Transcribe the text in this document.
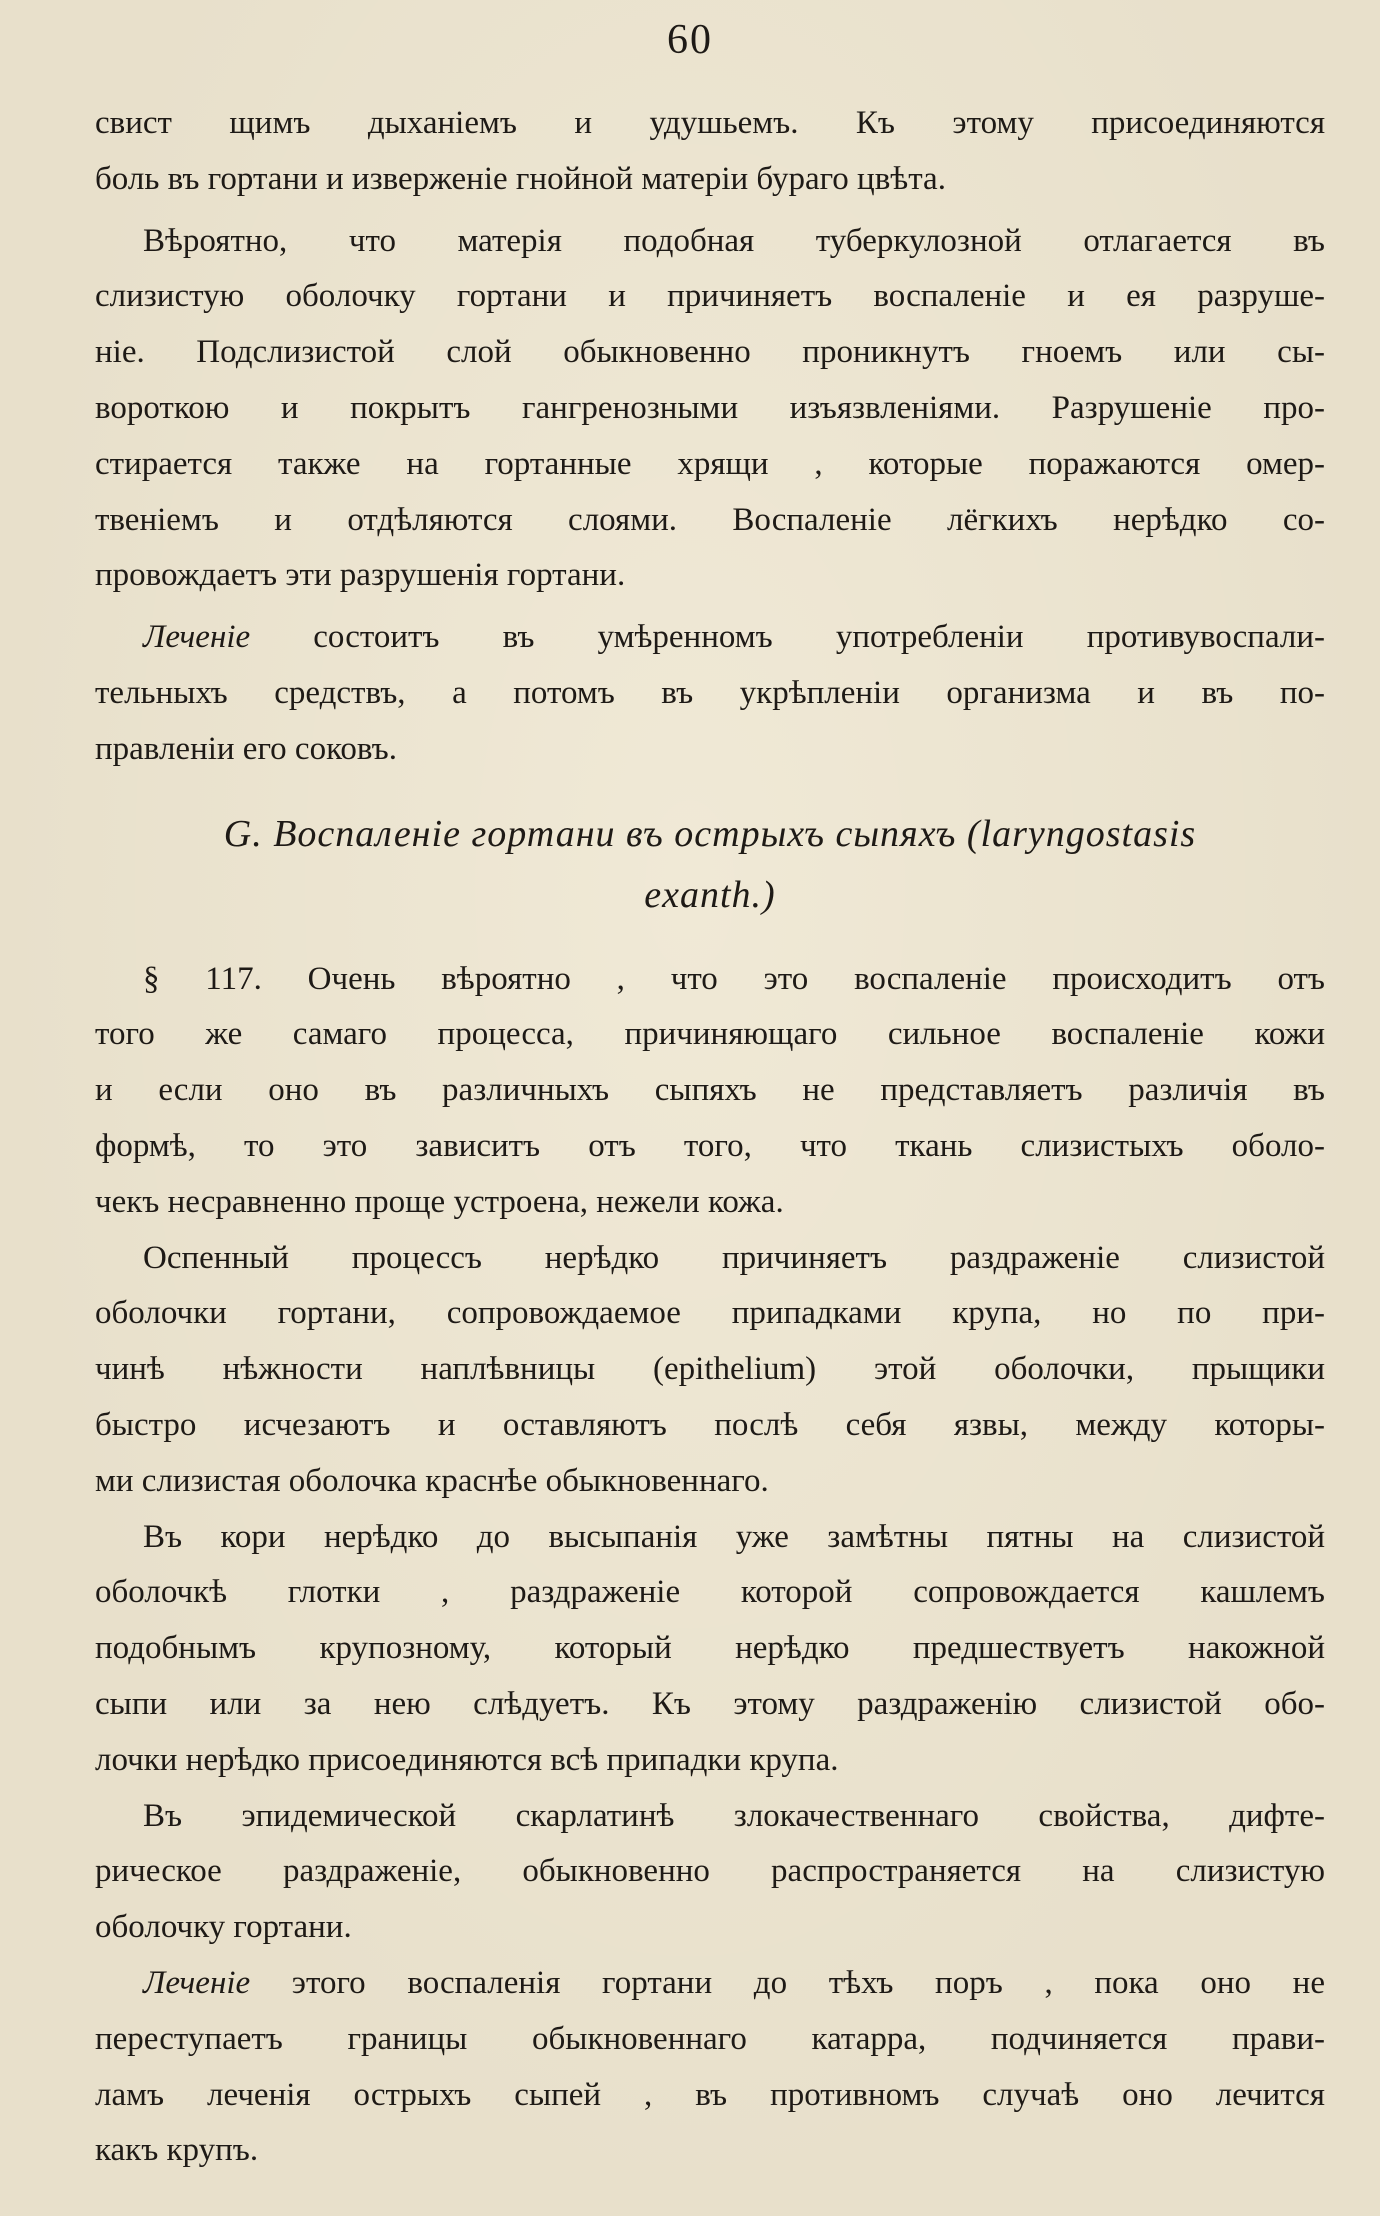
60
свист щимъ дыханіемъ и удушьемъ. Къ этому присоединяются
боль въ гортани и изверженіе гнойной матеріи бураго цвѣта.
Вѣроятно, что матерія подобная туберкулозной отлагается въ
слизистую оболочку гортани и причиняетъ воспаленіе и ея разруше-
ніе. Подслизистой слой обыкновенно проникнутъ гноемъ или сы-
вороткою и покрытъ гангренозными изъязвленіями. Разрушеніе про-
стирается также на гортанные хрящи , которые поражаются омер-
твеніемъ и отдѣляются слоями. Воспаленіе лёгкихъ нерѣдко со-
провождаетъ эти разрушенія гортани.
Леченіе состоитъ въ умѣренномъ употребленіи противувоспали-
тельныхъ средствъ, а потомъ въ укрѣпленіи организма и въ по-
правленіи его соковъ.
G. Воспаленіе гортани въ острыхъ сыпяхъ (laryngostasis
exanth.)
§ 117. Очень вѣроятно , что это воспаленіе происходитъ отъ
того же самаго процесса, причиняющаго сильное воспаленіе кожи
и если оно въ различныхъ сыпяхъ не представляетъ различія въ
формѣ, то это зависитъ отъ того, что ткань слизистыхъ оболо-
чекъ несравненно проще устроена, нежели кожа.
Оспенный процессъ нерѣдко причиняетъ раздраженіе слизистой
оболочки гортани, сопровождаемое припадками крупа, но по при-
чинѣ нѣжности наплѣвницы (epithelium) этой оболочки, прыщики
быстро исчезаютъ и оставляютъ послѣ себя язвы, между которы-
ми слизистая оболочка краснѣе обыкновеннаго.
Въ кори нерѣдко до высыпанія уже замѣтны пятны на слизистой
оболочкѣ глотки , раздраженіе которой сопровождается кашлемъ
подобнымъ крупозному, который нерѣдко предшествуетъ накожной
сыпи или за нею слѣдуетъ. Къ этому раздраженію слизистой обо-
лочки нерѣдко присоединяются всѣ припадки крупа.
Въ эпидемической скарлатинѣ злокачественнаго свойства, дифте-
рическое раздраженіе, обыкновенно распространяется на слизистую
оболочку гортани.
Леченіе этого воспаленія гортани до тѣхъ поръ , пока оно не
переступаетъ границы обыкновеннаго катарра, подчиняется прави-
ламъ леченія острыхъ сыпей , въ противномъ случаѣ оно лечится
какъ крупъ.
